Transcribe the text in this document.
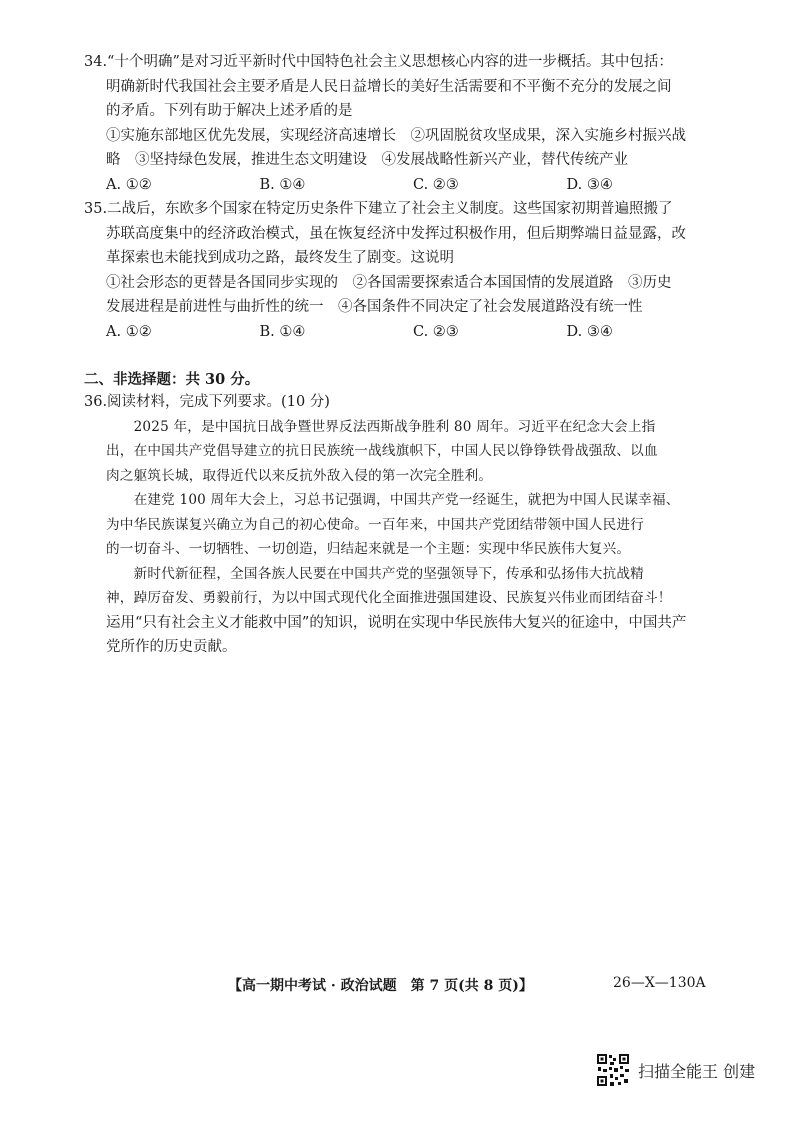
34.“十个明确”是对习近平新时代中国特色社会主义思想核心内容的进一步概括。其中包括：

明确新时代我国社会主要矛盾是人民日益增长的美好生活需要和不平衡不充分的发展之间

的矛盾。下列有助于解决上述矛盾的是

①实施东部地区优先发展，实现经济高速增长　②巩固脱贫攻坚成果，深入实施乡村振兴战

略　③坚持绿色发展，推进生态文明建设　④发展战略性新兴产业，替代传统产业

A. ①②	B. ①④	C. ②③	D. ③④

35.二战后，东欧多个国家在特定历史条件下建立了社会主义制度。这些国家初期普遍照搬了

苏联高度集中的经济政治模式，虽在恢复经济中发挥过积极作用，但后期弊端日益显露，改

革探索也未能找到成功之路，最终发生了剧变。这说明

①社会形态的更替是各国同步实现的　②各国需要探索适合本国国情的发展道路　③历史

发展进程是前进性与曲折性的统一　④各国条件不同决定了社会发展道路没有统一性

A. ①②	B. ①④	C. ②③	D. ③④

二、非选择题：共 30 分。

36.阅读材料，完成下列要求。(10 分)

　　2025 年，是中国抗日战争暨世界反法西斯战争胜利 80 周年。习近平在纪念大会上指

出，在中国共产党倡导建立的抗日民族统一战线旗帜下，中国人民以铮铮铁骨战强敌、以血

肉之躯筑长城，取得近代以来反抗外敌入侵的第一次完全胜利。

　　在建党 100 周年大会上，习总书记强调，中国共产党一经诞生，就把为中国人民谋幸福、

为中华民族谋复兴确立为自己的初心使命。一百年来，中国共产党团结带领中国人民进行

的一切奋斗、一切牺牲、一切创造，归结起来就是一个主题：实现中华民族伟大复兴。

　　新时代新征程，全国各族人民要在中国共产党的坚强领导下，传承和弘扬伟大抗战精

神，踔厉奋发、勇毅前行，为以中国式现代化全面推进强国建设、民族复兴伟业而团结奋斗！

运用“只有社会主义才能救中国”的知识，说明在实现中华民族伟大复兴的征途中，中国共产

党所作的历史贡献。

【高一期中考试 · 政治试题　第 7 页(共 8 页)】	26—X—130A
扫描全能王 创建
